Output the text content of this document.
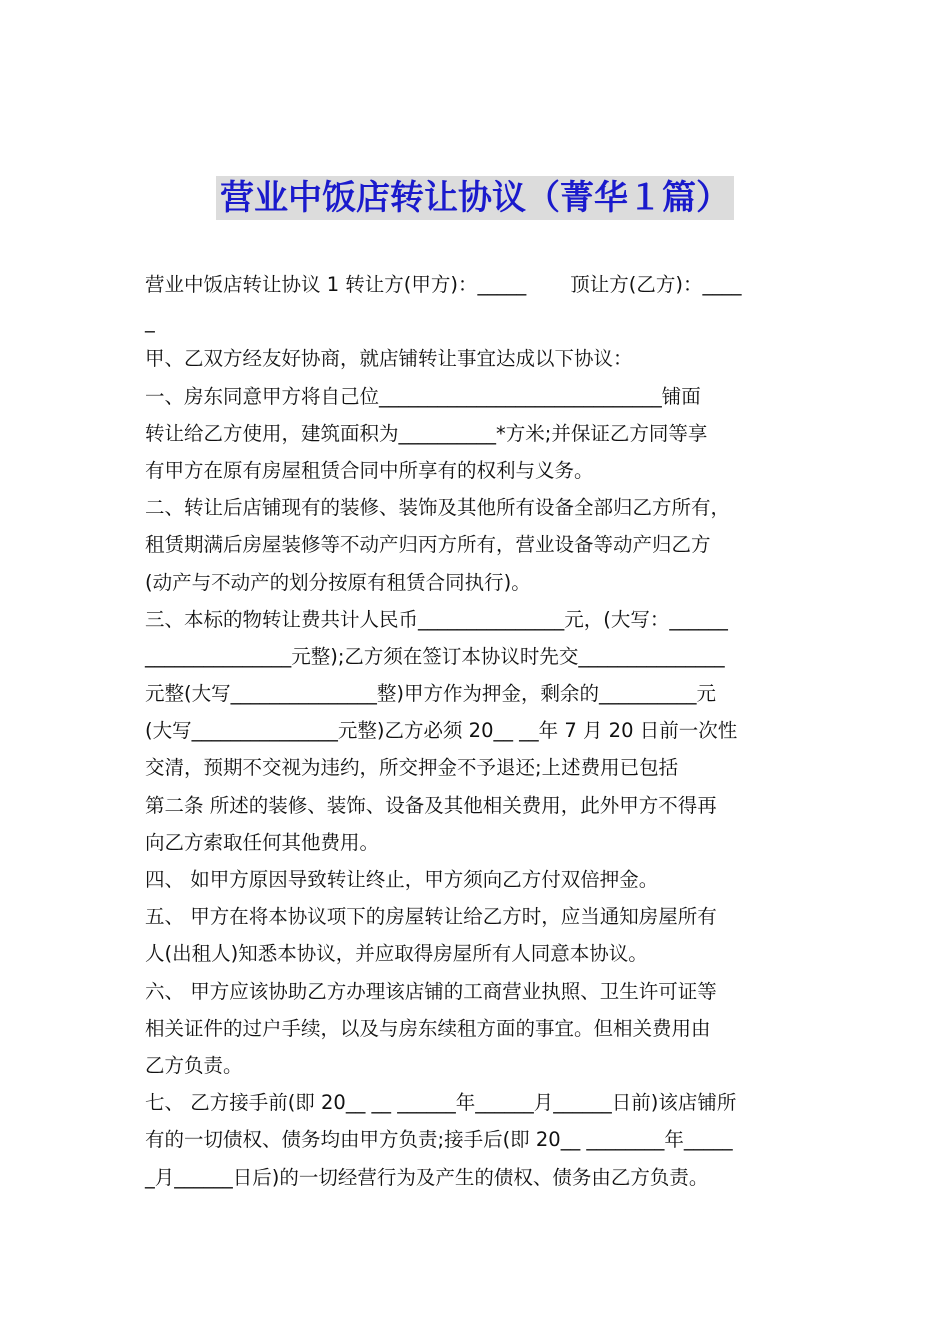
营业中饭店转让协议（菁华１篇）
营业中饭店转让协议 1 转让方(甲方)：_____ 顶让方(乙方)：____
_
甲、乙双方经友好协商，就店铺转让事宜达成以下协议：
一、房东同意甲方将自己位_____________________________铺面
转让给乙方使用，建筑面积为__________*方米;并保证乙方同等享
有甲方在原有房屋租赁合同中所享有的权利与义务。
二、转让后店铺现有的装修、装饰及其他所有设备全部归乙方所有，
租赁期满后房屋装修等不动产归丙方所有，营业设备等动产归乙方
(动产与不动产的划分按原有租赁合同执行)。
三、本标的物转让费共计人民币_______________元，(大写：______
_______________元整);乙方须在签订本协议时先交_______________
元整(大写_______________整)甲方作为押金，剩余的__________元
(大写_______________元整)乙方必须 20__ __年 7 月 20 日前一次性
交清，预期不交视为违约，所交押金不予退还;上述费用已包括
第二条 所述的装修、装饰、设备及其他相关费用，此外甲方不得再
向乙方索取任何其他费用。
四、 如甲方原因导致转让终止，甲方须向乙方付双倍押金。
五、 甲方在将本协议项下的房屋转让给乙方时，应当通知房屋所有
人(出租人)知悉本协议，并应取得房屋所有人同意本协议。
六、 甲方应该协助乙方办理该店铺的工商营业执照、卫生许可证等
相关证件的过户手续，以及与房东续租方面的事宜。但相关费用由
乙方负责。
七、 乙方接手前(即 20__ __ ______年______月______日前)该店铺所
有的一切债权、债务均由甲方负责;接手后(即 20__ ________年_____
_月______日后)的一切经营行为及产生的债权、债务由乙方负责。
